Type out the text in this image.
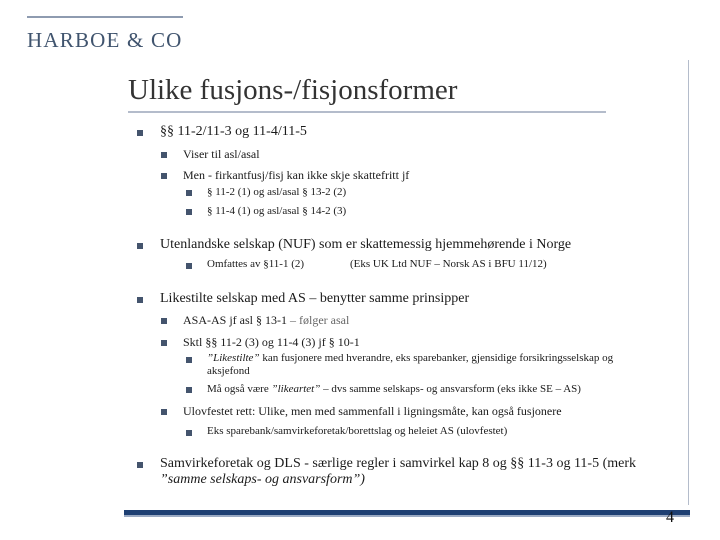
HARBOE & CO
Ulike fusjons-/fisjonsformer
§§ 11-2/11-3 og 11-4/11-5
Viser til asl/asal
Men - firkantfusj/fisj kan ikke skje skattefritt jf
§ 11-2 (1) og asl/asal § 13-2 (2)
§ 11-4 (1) og asl/asal § 14-2 (3)
Utenlandske selskap (NUF) som er skattemessig hjemmehørende i Norge
Omfattes av §11-1 (2)	(Eks UK Ltd NUF – Norsk AS i BFU 11/12)
Likestilte selskap med AS – benytter samme prinsipper
ASA-AS jf asl § 13-1 – følger asal
Sktl §§ 11-2 (3) og 11-4 (3) jf § 10-1
”Likestilte” kan fusjonere med hverandre, eks sparebanker, gjensidige forsikringsselskap og
aksjefond
Må også være ”likeartet” – dvs samme selskaps- og ansvarsform (eks ikke SE – AS)
Ulovfestet rett: Ulike, men med sammenfall i ligningsmåte, kan også fusjonere
Eks sparebank/samvirkeforetak/borettslag og heleiet AS (ulovfestet)
Samvirkeforetak og DLS - særlige regler i samvirkel kap 8 og §§ 11-3 og 11-5 (merk
”samme selskaps- og ansvarsform”)
4
